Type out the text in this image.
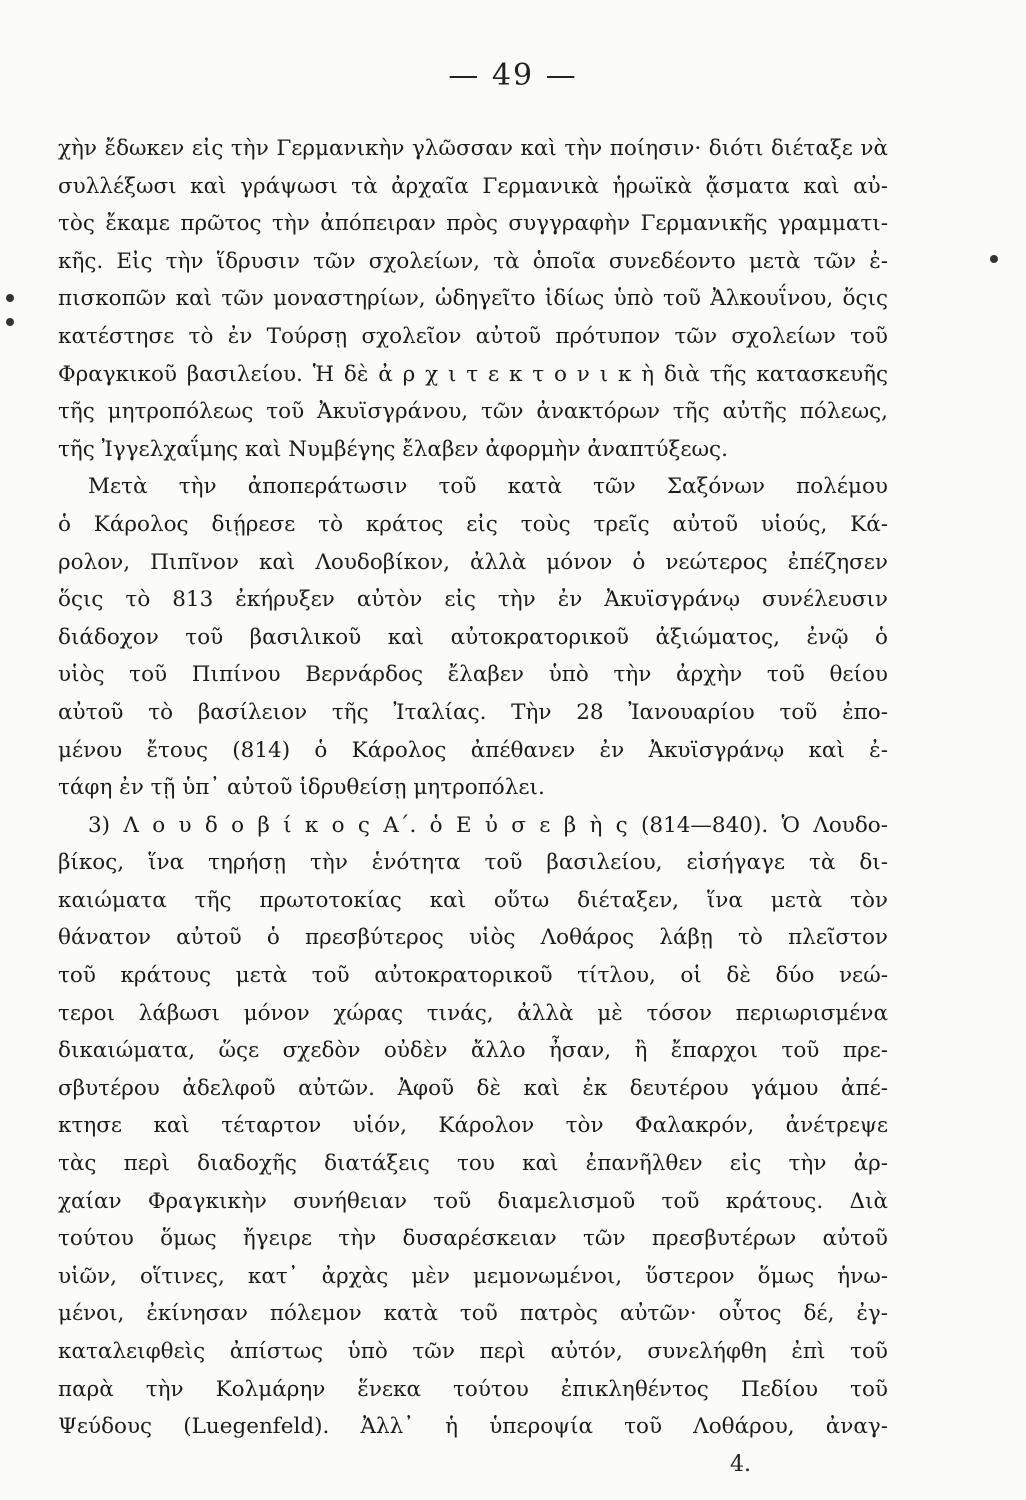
— 49 —
χὴν ἔδωκεν εἰς τὴν Γερμανικὴν γλῶσσαν καὶ τὴν ποίησιν· διότι διέταξε νὰ
συλλέξωσι καὶ γράψωσι τὰ ἀρχαῖα Γερμανικὰ ἡρωϊκὰ ᾄσματα καὶ αὐ-
τὸς ἔκαμε πρῶτος τὴν ἀπόπειραν πρὸς συγγραφὴν Γερμανικῆς γραμματι-
κῆς. Εἰς τὴν ἵδρυσιν τῶν σχολείων, τὰ ὁποῖα συνεδέοντο μετὰ τῶν ἐ-
πισκοπῶν καὶ τῶν μοναστηρίων, ὡδηγεῖτο ἰδίως ὑπὸ τοῦ Ἀλκουΐνου, ὅςις
κατέστησε τὸ ἐν Τούρσῃ σχολεῖον αὐτοῦ πρότυπον τῶν σχολείων τοῦ
Φραγκικοῦ βασιλείου. Ἡ δὲ ἀ ρ χ ι τ ε κ τ ο ν ι κ ὴ διὰ τῆς κατασκευῆς
τῆς μητροπόλεως τοῦ Ἀκυϊσγράνου, τῶν ἀνακτόρων τῆς αὐτῆς πόλεως,
τῆς Ἰγγελχαΐμης καὶ Νυμβέγης ἔλαβεν ἀφορμὴν ἀναπτύξεως.
Μετὰ τὴν ἀποπεράτωσιν τοῦ κατὰ τῶν Σαξόνων πολέμου
ὁ Κάρολος διῄρεσε τὸ κράτος εἰς τοὺς τρεῖς αὐτοῦ υἱούς, Κά-
ρολον, Πιπῖνον καὶ Λουδοβίκον, ἀλλὰ μόνον ὁ νεώτερος ἐπέζησεν
ὅςις τὸ 813 ἐκήρυξεν αὐτὸν εἰς τὴν ἐν Ἀκυϊσγράνῳ συνέλευσιν
διάδοχον τοῦ βασιλικοῦ καὶ αὐτοκρατορικοῦ ἀξιώματος, ἐνῷ ὁ
υἱὸς τοῦ Πιπίνου Βερνάρδος ἔλαβεν ὑπὸ τὴν ἀρχὴν τοῦ θείου
αὐτοῦ τὸ βασίλειον τῆς Ἰταλίας. Τὴν 28 Ἰανουαρίου τοῦ ἐπο-
μένου ἔτους (814) ὁ Κάρολος ἀπέθανεν ἐν Ἀκυϊσγράνῳ καὶ ἐ-
τάφη ἐν τῇ ὑπ᾽ αὐτοῦ ἱδρυθείσῃ μητροπόλει.
3) Λ ο υ δ ο β ί κ ο ς Α΄. ὁ Ε ὐ σ ε β ὴ ς (814—840). Ὁ Λουδο-
βίκος, ἵνα τηρήσῃ τὴν ἑνότητα τοῦ βασιλείου, εἰσήγαγε τὰ δι-
καιώματα τῆς πρωτοτοκίας καὶ οὕτω διέταξεν, ἵνα μετὰ τὸν
θάνατον αὐτοῦ ὁ πρεσβύτερος υἱὸς Λοθάρος λάβῃ τὸ πλεῖστον
τοῦ κράτους μετὰ τοῦ αὐτοκρατορικοῦ τίτλου, οἱ δὲ δύο νεώ-
τεροι λάβωσι μόνον χώρας τινάς, ἀλλὰ μὲ τόσον περιωρισμένα
δικαιώματα, ὥςε σχεδὸν οὐδὲν ἄλλο ἦσαν, ἢ ἔπαρχοι τοῦ πρε-
σβυτέρου ἀδελφοῦ αὐτῶν. Ἀφοῦ δὲ καὶ ἐκ δευτέρου γάμου ἀπέ-
κτησε καὶ τέταρτον υἱόν, Κάρολον τὸν Φαλακρόν, ἀνέτρεψε
τὰς περὶ διαδοχῆς διατάξεις του καὶ ἐπανῆλθεν εἰς τὴν ἀρ-
χαίαν Φραγκικὴν συνήθειαν τοῦ διαμελισμοῦ τοῦ κράτους. Διὰ
τούτου ὅμως ἤγειρε τὴν δυσαρέσκειαν τῶν πρεσβυτέρων αὐτοῦ
υἱῶν, οἵτινες, κατ᾽ ἀρχὰς μὲν μεμονωμένοι, ὕστερον ὅμως ἡνω-
μένοι, ἐκίνησαν πόλεμον κατὰ τοῦ πατρὸς αὐτῶν· οὗτος δέ, ἐγ-
καταλειφθεὶς ἀπίστως ὑπὸ τῶν περὶ αὐτόν, συνελήφθη ἐπὶ τοῦ
παρὰ τὴν Κολμάρην ἕνεκα τούτου ἐπικληθέντος Πεδίου τοῦ
Ψεύδους (Luegenfeld). Ἀλλ᾽ ἡ ὑπεροψία τοῦ Λοθάρου, ἀναγ-
4.
